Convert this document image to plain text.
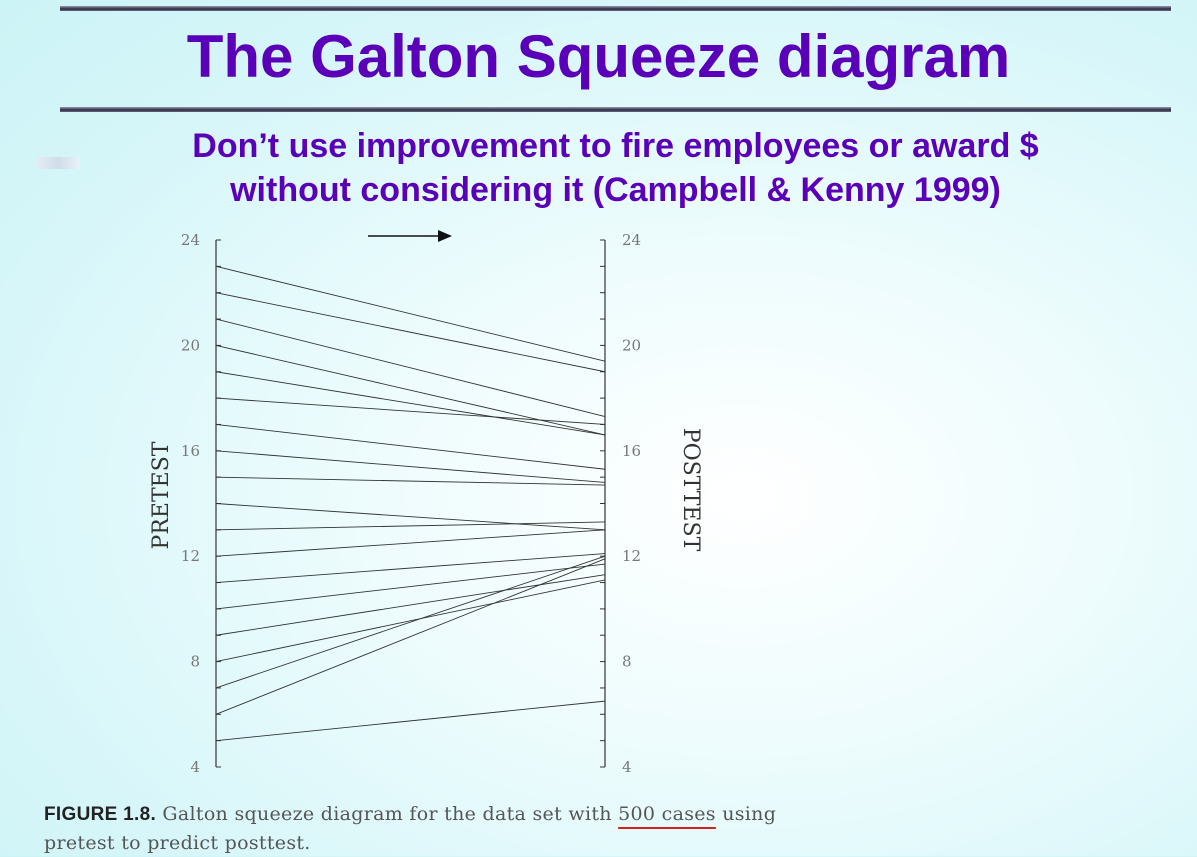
The Galton Squeeze diagram
Don’t use improvement to fire employees or award $
without considering it (Campbell & Kenny 1999)
4	4
8	8
12	12
16	16
20	20
24	24
PRETEST	POSTTEST
FIGURE 1.8. Galton squeeze diagram for the data set with 500 cases using
pretest to predict posttest.
